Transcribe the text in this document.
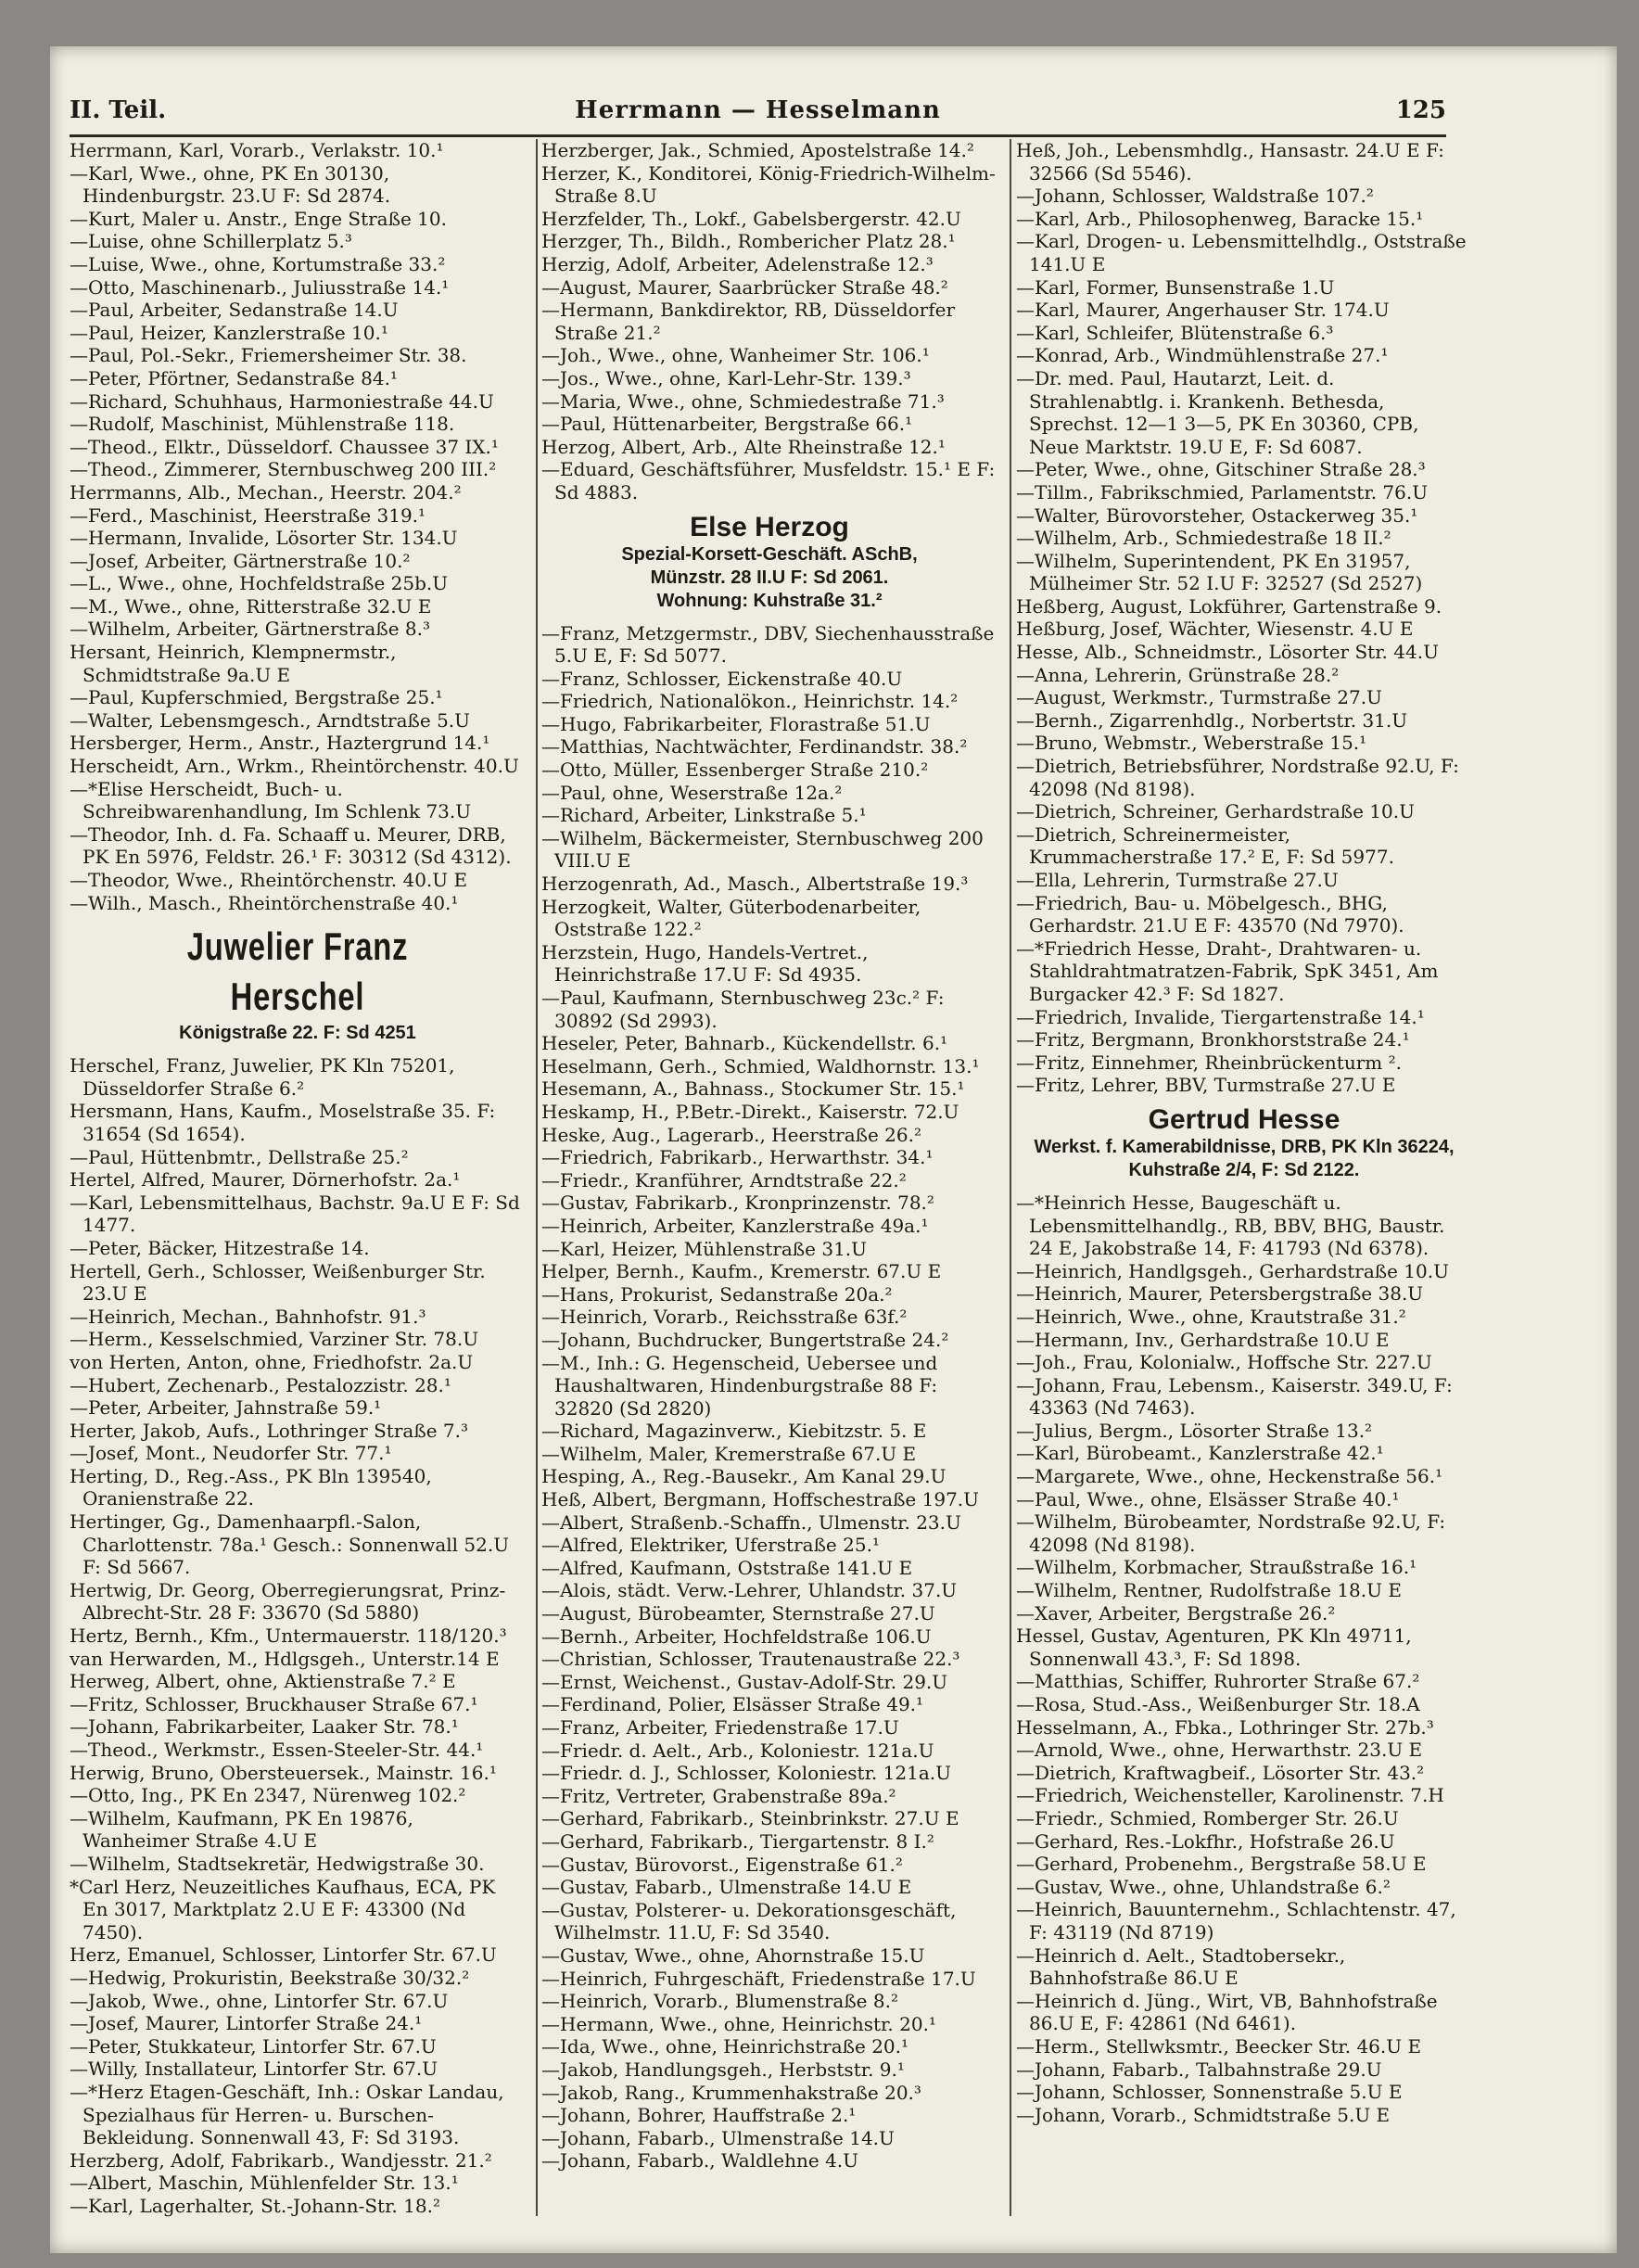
II. Teil.	Herrmann — Hesselmann	125
Herrmann, Karl, Vorarb., Verlakstr. 10.¹
—Karl, Wwe., ohne, PK En 30130, Hindenburgstr. 23.U F: Sd 2874.
—Kurt, Maler u. Anstr., Enge Straße 10.
—Luise, ohne Schillerplatz 5.³
—Luise, Wwe., ohne, Kortumstraße 33.²
—Otto, Maschinenarb., Juliusstraße 14.¹
—Paul, Arbeiter, Sedanstraße 14.U
—Paul, Heizer, Kanzlerstraße 10.¹
—Paul, Pol.-Sekr., Friemersheimer Str. 38.
—Peter, Pförtner, Sedanstraße 84.¹
—Richard, Schuhhaus, Harmoniestraße 44.U
—Rudolf, Maschinist, Mühlenstraße 118.
—Theod., Elktr., Düsseldorf. Chaussee 37 IX.¹
—Theod., Zimmerer, Sternbuschweg 200 III.²
Herrmanns, Alb., Mechan., Heerstr. 204.²
—Ferd., Maschinist, Heerstraße 319.¹
—Hermann, Invalide, Lösorter Str. 134.U
—Josef, Arbeiter, Gärtnerstraße 10.²
—L., Wwe., ohne, Hochfeldstraße 25b.U
—M., Wwe., ohne, Ritterstraße 32.U E
—Wilhelm, Arbeiter, Gärtnerstraße 8.³
Hersant, Heinrich, Klempnermstr., Schmidtstraße 9a.U E
—Paul, Kupferschmied, Bergstraße 25.¹
—Walter, Lebensmgesch., Arndtstraße 5.U
Hersberger, Herm., Anstr., Haztergrund 14.¹
Herscheidt, Arn., Wrkm., Rheintörchenstr. 40.U
—*Elise Herscheidt, Buch- u. Schreibwarenhandlung, Im Schlenk 73.U
—Theodor, Inh. d. Fa. Schaaff u. Meurer, DRB, PK En 5976, Feldstr. 26.¹ F: 30312 (Sd 4312).
—Theodor, Wwe., Rheintörchenstr. 40.U E
—Wilh., Masch., Rheintörchenstraße 40.¹
Juwelier Franz Herschel
Königstraße 22. F: Sd 4251
Herschel, Franz, Juwelier, PK Kln 75201, Düsseldorfer Straße 6.²
Hersmann, Hans, Kaufm., Moselstraße 35. F: 31654 (Sd 1654).
—Paul, Hüttenbmtr., Dellstraße 25.²
Hertel, Alfred, Maurer, Dörnerhofstr. 2a.¹
—Karl, Lebensmittelhaus, Bachstr. 9a.U E F: Sd 1477.
—Peter, Bäcker, Hitzestraße 14.
Hertell, Gerh., Schlosser, Weißenburger Str. 23.U E
—Heinrich, Mechan., Bahnhofstr. 91.³
—Herm., Kesselschmied, Varziner Str. 78.U
von Herten, Anton, ohne, Friedhofstr. 2a.U
—Hubert, Zechenarb., Pestalozzistr. 28.¹
—Peter, Arbeiter, Jahnstraße 59.¹
Herter, Jakob, Aufs., Lothringer Straße 7.³
—Josef, Mont., Neudorfer Str. 77.¹
Herting, D., Reg.-Ass., PK Bln 139540, Oranienstraße 22.
Hertinger, Gg., Damenhaarpfl.-Salon, Charlottenstr. 78a.¹ Gesch.: Sonnenwall 52.U F: Sd 5667.
Hertwig, Dr. Georg, Oberregierungsrat, Prinz-Albrecht-Str. 28 F: 33670 (Sd 5880)
Hertz, Bernh., Kfm., Untermauerstr. 118/120.³
van Herwarden, M., Hdlgsgeh., Unterstr.14 E
Herweg, Albert, ohne, Aktienstraße 7.² E
—Fritz, Schlosser, Bruckhauser Straße 67.¹
—Johann, Fabrikarbeiter, Laaker Str. 78.¹
—Theod., Werkmstr., Essen-Steeler-Str. 44.¹
Herwig, Bruno, Obersteuersek., Mainstr. 16.¹
—Otto, Ing., PK En 2347, Nürenweg 102.²
—Wilhelm, Kaufmann, PK En 19876, Wanheimer Straße 4.U E
—Wilhelm, Stadtsekretär, Hedwigstraße 30.
*Carl Herz, Neuzeitliches Kaufhaus, ECA, PK En 3017, Marktplatz 2.U E F: 43300 (Nd 7450).
Herz, Emanuel, Schlosser, Lintorfer Str. 67.U
—Hedwig, Prokuristin, Beekstraße 30/32.²
—Jakob, Wwe., ohne, Lintorfer Str. 67.U
—Josef, Maurer, Lintorfer Straße 24.¹
—Peter, Stukkateur, Lintorfer Str. 67.U
—Willy, Installateur, Lintorfer Str. 67.U
—*Herz Etagen-Geschäft, Inh.: Oskar Landau, Spezialhaus für Herren- u. Burschen-Bekleidung. Sonnenwall 43, F: Sd 3193.
Herzberg, Adolf, Fabrikarb., Wandjesstr. 21.²
—Albert, Maschin, Mühlenfelder Str. 13.¹
—Karl, Lagerhalter, St.-Johann-Str. 18.²
Herzberger, Jak., Schmied, Apostelstraße 14.²
Herzer, K., Konditorei, König-Friedrich-Wilhelm-Straße 8.U
Herzfelder, Th., Lokf., Gabelsbergerstr. 42.U
Herzger, Th., Bildh., Rombericher Platz 28.¹
Herzig, Adolf, Arbeiter, Adelenstraße 12.³
—August, Maurer, Saarbrücker Straße 48.²
—Hermann, Bankdirektor, RB, Düsseldorfer Straße 21.²
—Joh., Wwe., ohne, Wanheimer Str. 106.¹
—Jos., Wwe., ohne, Karl-Lehr-Str. 139.³
—Maria, Wwe., ohne, Schmiedestraße 71.³
—Paul, Hüttenarbeiter, Bergstraße 66.¹
Herzog, Albert, Arb., Alte Rheinstraße 12.¹
—Eduard, Geschäftsführer, Musfeldstr. 15.¹ E F: Sd 4883.
Else Herzog
Spezial-Korsett-Geschäft. ASchB,
Münzstr. 28 II.U F: Sd 2061.
Wohnung: Kuhstraße 31.²
—Franz, Metzgermstr., DBV, Siechenhausstraße 5.U E, F: Sd 5077.
—Franz, Schlosser, Eickenstraße 40.U
—Friedrich, Nationalökon., Heinrichstr. 14.²
—Hugo, Fabrikarbeiter, Florastraße 51.U
—Matthias, Nachtwächter, Ferdinandstr. 38.²
—Otto, Müller, Essenberger Straße 210.²
—Paul, ohne, Weserstraße 12a.²
—Richard, Arbeiter, Linkstraße 5.¹
—Wilhelm, Bäckermeister, Sternbuschweg 200 VIII.U E
Herzogenrath, Ad., Masch., Albertstraße 19.³
Herzogkeit, Walter, Güterbodenarbeiter, Oststraße 122.²
Herzstein, Hugo, Handels-Vertret., Heinrichstraße 17.U F: Sd 4935.
—Paul, Kaufmann, Sternbuschweg 23c.² F: 30892 (Sd 2993).
Heseler, Peter, Bahnarb., Kückendellstr. 6.¹
Heselmann, Gerh., Schmied, Waldhornstr. 13.¹
Hesemann, A., Bahnass., Stockumer Str. 15.¹
Heskamp, H., P.Betr.-Direkt., Kaiserstr. 72.U
Heske, Aug., Lagerarb., Heerstraße 26.²
—Friedrich, Fabrikarb., Herwarthstr. 34.¹
—Friedr., Kranführer, Arndtstraße 22.²
—Gustav, Fabrikarb., Kronprinzenstr. 78.²
—Heinrich, Arbeiter, Kanzlerstraße 49a.¹
—Karl, Heizer, Mühlenstraße 31.U
Helper, Bernh., Kaufm., Kremerstr. 67.U E
—Hans, Prokurist, Sedanstraße 20a.²
—Heinrich, Vorarb., Reichsstraße 63f.²
—Johann, Buchdrucker, Bungertstraße 24.²
—M., Inh.: G. Hegenscheid, Uebersee und Haushaltwaren, Hindenburgstraße 88 F: 32820 (Sd 2820)
—Richard, Magazinverw., Kiebitzstr. 5. E
—Wilhelm, Maler, Kremerstraße 67.U E
Hesping, A., Reg.-Bausekr., Am Kanal 29.U
Heß, Albert, Bergmann, Hoffschestraße 197.U
—Albert, Straßenb.-Schaffn., Ulmenstr. 23.U
—Alfred, Elektriker, Uferstraße 25.¹
—Alfred, Kaufmann, Oststraße 141.U E
—Alois, städt. Verw.-Lehrer, Uhlandstr. 37.U
—August, Bürobeamter, Sternstraße 27.U
—Bernh., Arbeiter, Hochfeldstraße 106.U
—Christian, Schlosser, Trautenaustraße 22.³
—Ernst, Weichenst., Gustav-Adolf-Str. 29.U
—Ferdinand, Polier, Elsässer Straße 49.¹
—Franz, Arbeiter, Friedenstraße 17.U
—Friedr. d. Aelt., Arb., Koloniestr. 121a.U
—Friedr. d. J., Schlosser, Koloniestr. 121a.U
—Fritz, Vertreter, Grabenstraße 89a.²
—Gerhard, Fabrikarb., Steinbrinkstr. 27.U E
—Gerhard, Fabrikarb., Tiergartenstr. 8 I.²
—Gustav, Bürovorst., Eigenstraße 61.²
—Gustav, Fabarb., Ulmenstraße 14.U E
—Gustav, Polsterer- u. Dekorationsgeschäft, Wilhelmstr. 11.U, F: Sd 3540.
—Gustav, Wwe., ohne, Ahornstraße 15.U
—Heinrich, Fuhrgeschäft, Friedenstraße 17.U
—Heinrich, Vorarb., Blumenstraße 8.²
—Hermann, Wwe., ohne, Heinrichstr. 20.¹
—Ida, Wwe., ohne, Heinrichstraße 20.¹
—Jakob, Handlungsgeh., Herbststr. 9.¹
—Jakob, Rang., Krummenhakstraße 20.³
—Johann, Bohrer, Hauffstraße 2.¹
—Johann, Fabarb., Ulmenstraße 14.U
—Johann, Fabarb., Waldlehne 4.U
Heß, Joh., Lebensmhdlg., Hansastr. 24.U E F: 32566 (Sd 5546).
—Johann, Schlosser, Waldstraße 107.²
—Karl, Arb., Philosophenweg, Baracke 15.¹
—Karl, Drogen- u. Lebensmittelhdlg., Oststraße 141.U E
—Karl, Former, Bunsenstraße 1.U
—Karl, Maurer, Angerhauser Str. 174.U
—Karl, Schleifer, Blütenstraße 6.³
—Konrad, Arb., Windmühlenstraße 27.¹
—Dr. med. Paul, Hautarzt, Leit. d. Strahlenabtlg. i. Krankenh. Bethesda, Sprechst. 12—1 3—5, PK En 30360, CPB, Neue Marktstr. 19.U E, F: Sd 6087.
—Peter, Wwe., ohne, Gitschiner Straße 28.³
—Tillm., Fabrikschmied, Parlamentstr. 76.U
—Walter, Bürovorsteher, Ostackerweg 35.¹
—Wilhelm, Arb., Schmiedestraße 18 II.²
—Wilhelm, Superintendent, PK En 31957, Mülheimer Str. 52 I.U F: 32527 (Sd 2527)
Heßberg, August, Lokführer, Gartenstraße 9.
Heßburg, Josef, Wächter, Wiesenstr. 4.U E
Hesse, Alb., Schneidmstr., Lösorter Str. 44.U
—Anna, Lehrerin, Grünstraße 28.²
—August, Werkmstr., Turmstraße 27.U
—Bernh., Zigarrenhdlg., Norbertstr. 31.U
—Bruno, Webmstr., Weberstraße 15.¹
—Dietrich, Betriebsführer, Nordstraße 92.U, F: 42098 (Nd 8198).
—Dietrich, Schreiner, Gerhardstraße 10.U
—Dietrich, Schreinermeister, Krummacherstraße 17.² E, F: Sd 5977.
—Ella, Lehrerin, Turmstraße 27.U
—Friedrich, Bau- u. Möbelgesch., BHG, Gerhardstr. 21.U E F: 43570 (Nd 7970).
—*Friedrich Hesse, Draht-, Drahtwaren- u. Stahldrahtmatratzen-Fabrik, SpK 3451, Am Burgacker 42.³ F: Sd 1827.
—Friedrich, Invalide, Tiergartenstraße 14.¹
—Fritz, Bergmann, Bronkhorststraße 24.¹
—Fritz, Einnehmer, Rheinbrückenturm ².
—Fritz, Lehrer, BBV, Turmstraße 27.U E
Gertrud Hesse
Werkst. f. Kamerabildnisse, DRB, PK Kln 36224, Kuhstraße 2/4, F: Sd 2122.
—*Heinrich Hesse, Baugeschäft u. Lebensmittelhandlg., RB, BBV, BHG, Baustr. 24 E, Jakobstraße 14, F: 41793 (Nd 6378).
—Heinrich, Handlgsgeh., Gerhardstraße 10.U
—Heinrich, Maurer, Petersbergstraße 38.U
—Heinrich, Wwe., ohne, Krautstraße 31.²
—Hermann, Inv., Gerhardstraße 10.U E
—Joh., Frau, Kolonialw., Hoffsche Str. 227.U
—Johann, Frau, Lebensm., Kaiserstr. 349.U, F: 43363 (Nd 7463).
—Julius, Bergm., Lösorter Straße 13.²
—Karl, Bürobeamt., Kanzlerstraße 42.¹
—Margarete, Wwe., ohne, Heckenstraße 56.¹
—Paul, Wwe., ohne, Elsässer Straße 40.¹
—Wilhelm, Bürobeamter, Nordstraße 92.U, F: 42098 (Nd 8198).
—Wilhelm, Korbmacher, Straußstraße 16.¹
—Wilhelm, Rentner, Rudolfstraße 18.U E
—Xaver, Arbeiter, Bergstraße 26.²
Hessel, Gustav, Agenturen, PK Kln 49711, Sonnenwall 43.³, F: Sd 1898.
—Matthias, Schiffer, Ruhrorter Straße 67.²
—Rosa, Stud.-Ass., Weißenburger Str. 18.A
Hesselmann, A., Fbka., Lothringer Str. 27b.³
—Arnold, Wwe., ohne, Herwarthstr. 23.U E
—Dietrich, Kraftwagbeif., Lösorter Str. 43.²
—Friedrich, Weichensteller, Karolinenstr. 7.H
—Friedr., Schmied, Romberger Str. 26.U
—Gerhard, Res.-Lokfhr., Hofstraße 26.U
—Gerhard, Probenehm., Bergstraße 58.U E
—Gustav, Wwe., ohne, Uhlandstraße 6.²
—Heinrich, Bauunternehm., Schlachtenstr. 47, F: 43119 (Nd 8719)
—Heinrich d. Aelt., Stadtobersekr., Bahnhofstraße 86.U E
—Heinrich d. Jüng., Wirt, VB, Bahnhofstraße 86.U E, F: 42861 (Nd 6461).
—Herm., Stellwksmtr., Beecker Str. 46.U E
—Johann, Fabarb., Talbahnstraße 29.U
—Johann, Schlosser, Sonnenstraße 5.U E
—Johann, Vorarb., Schmidtstraße 5.U E
